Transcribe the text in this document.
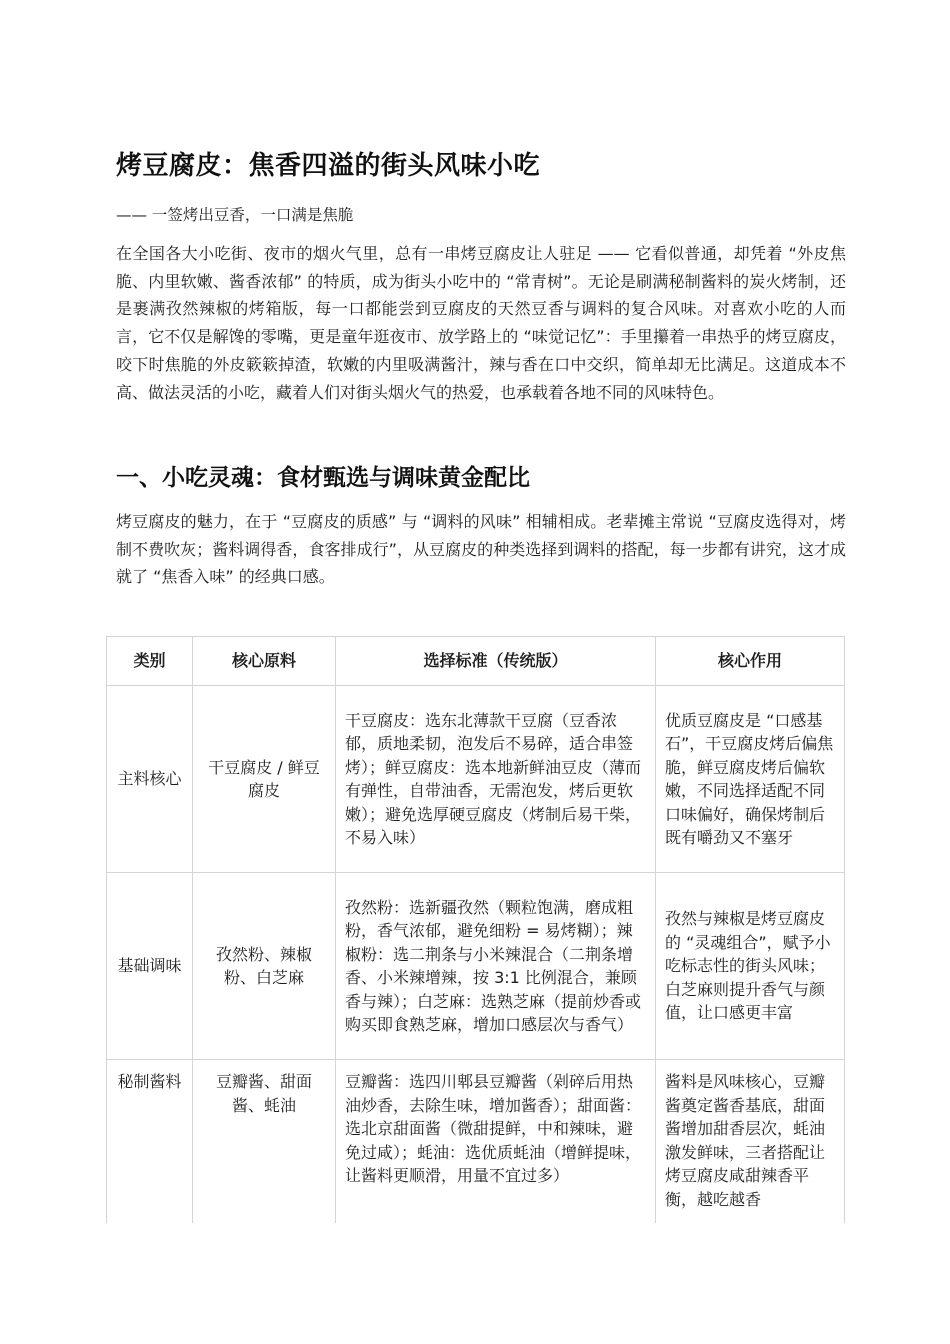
烤豆腐皮：焦香四溢的街头风味小吃

—— 一签烤出豆香，一口满是焦脆

在全国各大小吃街、夜市的烟火气里，总有一串烤豆腐皮让人驻足 —— 它看似普通，却凭着 “外皮焦脆、内里软嫩、酱香浓郁” 的特质，成为街头小吃中的 “常青树”。无论是刷满秘制酱料的炭火烤制，还是裹满孜然辣椒的烤箱版，每一口都能尝到豆腐皮的天然豆香与调料的复合风味。对喜欢小吃的人而言，它不仅是解馋的零嘴，更是童年逛夜市、放学路上的 “味觉记忆”：手里攥着一串热乎的烤豆腐皮，咬下时焦脆的外皮簌簌掉渣，软嫩的内里吸满酱汁，辣与香在口中交织，简单却无比满足。这道成本不高、做法灵活的小吃，藏着人们对街头烟火气的热爱，也承载着各地不同的风味特色。

一、小吃灵魂：食材甄选与调味黄金配比

烤豆腐皮的魅力，在于 “豆腐皮的质感” 与 “调料的风味” 相辅相成。老辈摊主常说 “豆腐皮选得对，烤制不费吹灰；酱料调得香，食客排成行”，从豆腐皮的种类选择到调料的搭配，每一步都有讲究，这才成就了 “焦香入味” 的经典口感。

类别	核心原料	选择标准（传统版）	核心作用
主料核心	干豆腐皮 / 鲜豆腐皮	干豆腐皮：选东北薄款干豆腐（豆香浓郁，质地柔韧，泡发后不易碎，适合串签烤）；鲜豆腐皮：选本地新鲜油豆皮（薄而有弹性，自带油香，无需泡发，烤后更软嫩）；避免选厚硬豆腐皮（烤制后易干柴，不易入味）	优质豆腐皮是 “口感基石”，干豆腐皮烤后偏焦脆，鲜豆腐皮烤后偏软嫩，不同选择适配不同口味偏好，确保烤制后既有嚼劲又不塞牙
基础调味	孜然粉、辣椒粉、白芝麻	孜然粉：选新疆孜然（颗粒饱满，磨成粗粉，香气浓郁，避免细粉 = 易烤糊）；辣椒粉：选二荆条与小米辣混合（二荆条增香、小米辣增辣，按 3:1 比例混合，兼顾香与辣）；白芝麻：选熟芝麻（提前炒香或购买即食熟芝麻，增加口感层次与香气）	孜然与辣椒是烤豆腐皮的 “灵魂组合”，赋予小吃标志性的街头风味；白芝麻则提升香气与颜值，让口感更丰富
秘制酱料	豆瓣酱、甜面酱、蚝油	豆瓣酱：选四川郫县豆瓣酱（剁碎后用热油炒香，去除生味，增加酱香）；甜面酱：选北京甜面酱（微甜提鲜，中和辣味，避免过咸）；蚝油：选优质蚝油（增鲜提味，让酱料更顺滑，用量不宜过多）	酱料是风味核心，豆瓣酱奠定酱香基底，甜面酱增加甜香层次，蚝油激发鲜味，三者搭配让烤豆腐皮咸甜辣香平衡，越吃越香
